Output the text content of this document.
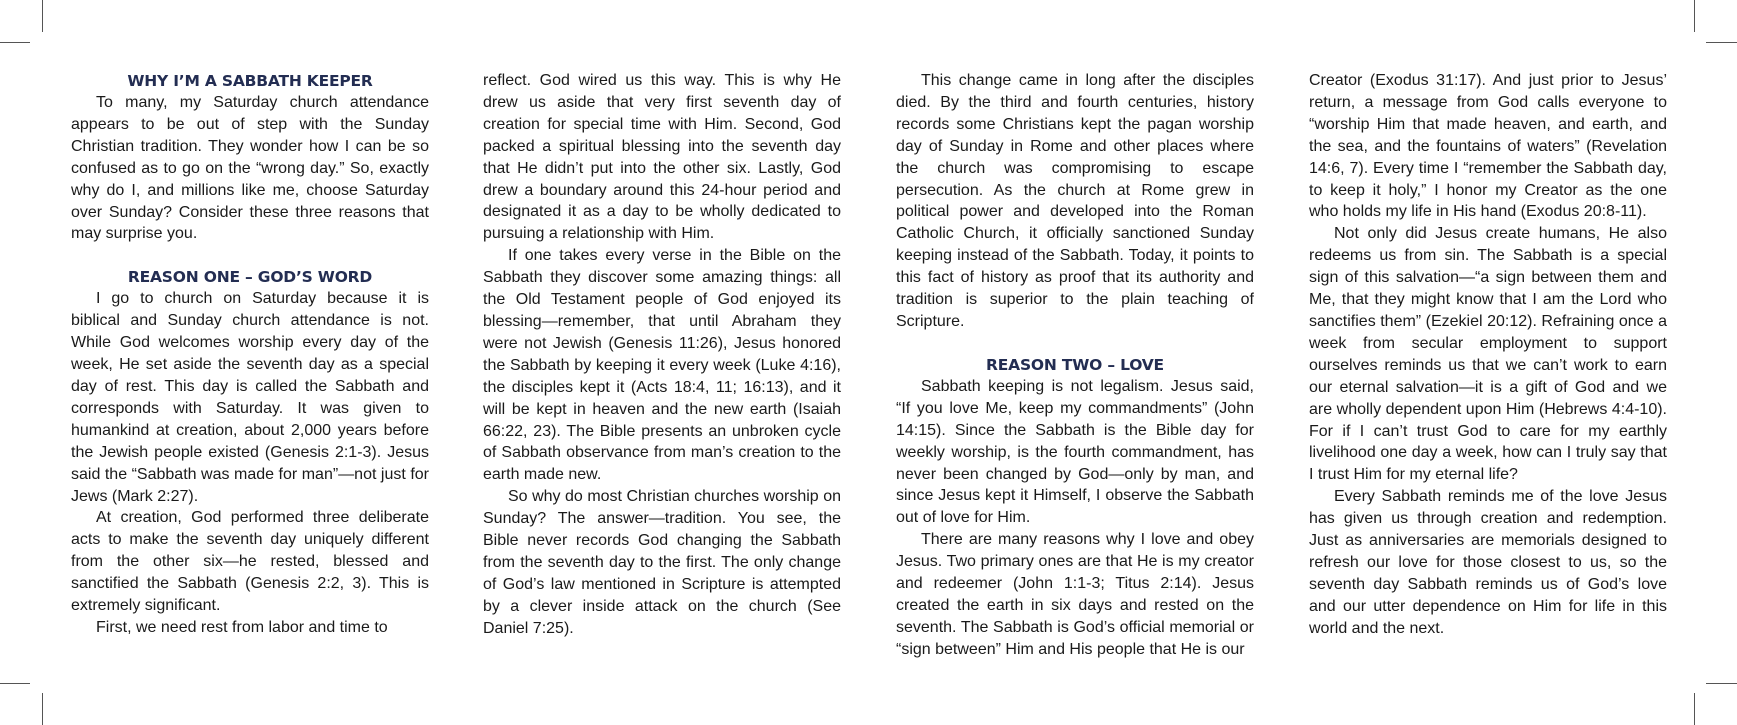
WHY I’M A SABBATH KEEPER

To many, my Saturday church attendance appears to be out of step with the Sunday Christian tradition. They wonder how I can be so confused as to go on the “wrong day.” So, exactly why do I, and millions like me, choose Saturday over Sunday? Consider these three reasons that may surprise you.

REASON ONE – GOD’S WORD

I go to church on Saturday because it is biblical and Sunday church attendance is not. While God welcomes worship every day of the week, He set aside the seventh day as a special day of rest. This day is called the Sabbath and corresponds with Saturday. It was given to humankind at creation, about 2,000 years before the Jewish people existed (Genesis 2:1-3). Jesus said the “Sabbath was made for man”—not just for Jews (Mark 2:27).

At creation, God performed three deliberate acts to make the seventh day uniquely different from the other six—he rested, blessed and sanctified the Sabbath (Genesis 2:2, 3). This is extremely significant.

First, we need rest from labor and time to

reflect. God wired us this way. This is why He drew us aside that very first seventh day of creation for special time with Him. Second, God packed a spiritual blessing into the seventh day that He didn’t put into the other six. Lastly, God drew a boundary around this 24-hour period and designated it as a day to be wholly dedicated to pursuing a relationship with Him.

If one takes every verse in the Bible on the Sabbath they discover some amazing things: all the Old Testament people of God enjoyed its blessing—remember, that until Abraham they were not Jewish (Genesis 11:26), Jesus honored the Sabbath by keeping it every week (Luke 4:16), the disciples kept it (Acts 18:4, 11; 16:13), and it will be kept in heaven and the new earth (Isaiah 66:22, 23). The Bible presents an unbroken cycle of Sabbath observance from man’s creation to the earth made new.

So why do most Christian churches worship on Sunday? The answer—tradition. You see, the Bible never records God changing the Sabbath from the seventh day to the first. The only change of God’s law mentioned in Scripture is attempted by a clever inside attack on the church (See Daniel 7:25).

This change came in long after the disciples died. By the third and fourth centuries, history records some Christians kept the pagan worship day of Sunday in Rome and other places where the church was compromising to escape persecution. As the church at Rome grew in political power and developed into the Roman Catholic Church, it officially sanctioned Sunday keeping instead of the Sabbath. Today, it points to this fact of history as proof that its authority and tradition is superior to the plain teaching of Scripture.

REASON TWO – LOVE

Sabbath keeping is not legalism. Jesus said, “If you love Me, keep my commandments” (John 14:15). Since the Sabbath is the Bible day for weekly worship, is the fourth commandment, has never been changed by God—only by man, and since Jesus kept it Himself, I observe the Sabbath out of love for Him.

There are many reasons why I love and obey Jesus. Two primary ones are that He is my creator and redeemer (John 1:1-3; Titus 2:14). Jesus created the earth in six days and rested on the seventh. The Sabbath is God’s official memorial or “sign between” Him and His people that He is our

Creator (Exodus 31:17). And just prior to Jesus’ return, a message from God calls everyone to “worship Him that made heaven, and earth, and the sea, and the fountains of waters” (Revelation 14:6, 7). Every time I “remember the Sabbath day, to keep it holy,” I honor my Creator as the one who holds my life in His hand (Exodus 20:8-11).

Not only did Jesus create humans, He also redeems us from sin. The Sabbath is a special sign of this salvation—“a sign between them and Me, that they might know that I am the Lord who sanctifies them” (Ezekiel 20:12). Refraining once a week from secular employment to support ourselves reminds us that we can’t work to earn our eternal salvation—it is a gift of God and we are wholly dependent upon Him (Hebrews 4:4-10). For if I can’t trust God to care for my earthly livelihood one day a week, how can I truly say that I trust Him for my eternal life?

Every Sabbath reminds me of the love Jesus has given us through creation and redemption. Just as anniversaries are memorials designed to refresh our love for those closest to us, so the seventh day Sabbath reminds us of God’s love and our utter dependence on Him for life in this world and the next.
